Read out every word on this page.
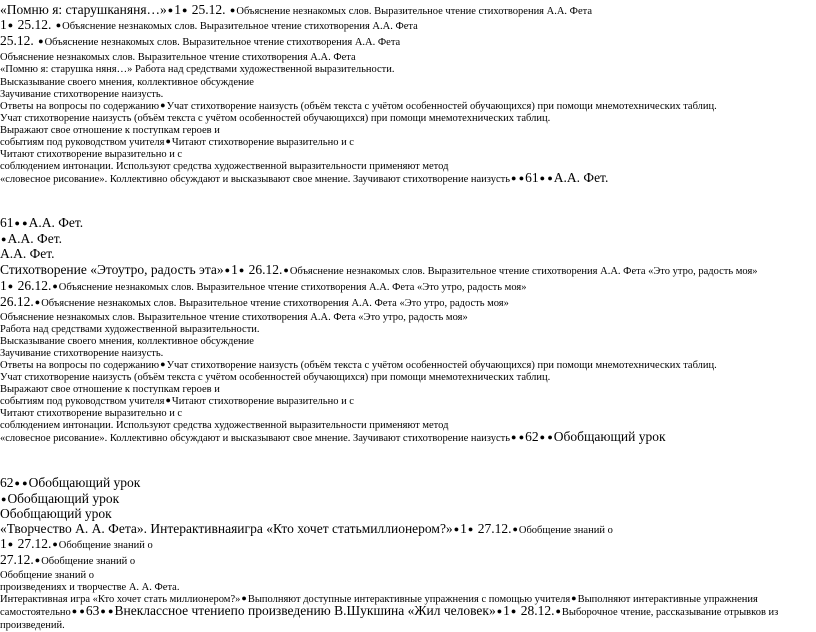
«Помню я: старушканяня…»●1● 25.12. ●Объяснение незнакомых слов. Выразительное чтение стихотворения А.А. Фета
1● 25.12. ●Объяснение незнакомых слов. Выразительное чтение стихотворения А.А. Фета
25.12. ●Объяснение незнакомых слов. Выразительное чтение стихотворения А.А. Фета
Объяснение незнакомых слов. Выразительное чтение стихотворения А.А. Фета
«Помню я: старушка няня…» Работа над средствами художественной выразительности.
Высказывание своего мнения, коллективное обсуждение
Заучивание стихотворение наизусть.
Ответы на вопросы по содержанию●Учат стихотворение наизусть (объём текста с учётом особенностей обучающихся) при помощи мнемотехнических таблиц.
Учат стихотворение наизусть (объём текста с учётом особенностей обучающихся) при помощи мнемотехнических таблиц.
Выражают свое отношение к поступкам героев и
событиям под руководством учителя●Читают стихотворение выразительно и с
Читают стихотворение выразительно и с
соблюдением интонации. Используют средства художественной выразительности применяют метод
«словесное рисование». Коллективно обсуждают и высказывают свое мнение. Заучивают стихотворение наизусть● ●61● ●А.А. Фет.
61● ●А.А. Фет.
●А.А. Фет.
А.А. Фет.
Стихотворение «Этоутро, радость эта»●1● 26.12.●Объяснение незнакомых слов. Выразительное чтение стихотворения А.А. Фета «Это утро, радость моя»
1● 26.12.●Объяснение незнакомых слов. Выразительное чтение стихотворения А.А. Фета «Это утро, радость моя»
26.12.●Объяснение незнакомых слов. Выразительное чтение стихотворения А.А. Фета «Это утро, радость моя»
Объяснение незнакомых слов. Выразительное чтение стихотворения А.А. Фета «Это утро, радость моя»
Работа над средствами художественной выразительности.
Высказывание своего мнения, коллективное обсуждение
Заучивание стихотворение наизусть.
Ответы на вопросы по содержанию●Учат стихотворение наизусть (объём текста с учётом особенностей обучающихся) при помощи мнемотехнических таблиц.
Учат стихотворение наизусть (объём текста с учётом особенностей обучающихся) при помощи мнемотехнических таблиц.
Выражают свое отношение к поступкам героев и
событиям под руководством учителя●Читают стихотворение выразительно и с
Читают стихотворение выразительно и с
соблюдением интонации. Используют средства художественной выразительности применяют метод
«словесное рисование». Коллективно обсуждают и высказывают свое мнение. Заучивают стихотворение наизусть● ●62● ●Обобщающий урок
62● ●Обобщающий урок
●Обобщающий урок
Обобщающий урок
«Творчество А. А. Фета». Интерактивнаяигра «Кто хочет статьмиллионером?»●1● 27.12.●Обобщение знаний о
1● 27.12.●Обобщение знаний о
27.12.●Обобщение знаний о
Обобщение знаний о
произведениях и творчестве А. А. Фета.
Интерактивная игра «Кто хочет стать миллионером?»●Выполняют доступные интерактивные упражнения с помощью учителя●Выполняют интерактивные упражнения
самостоятельно● ●63● ●Внеклассное чтениепо произведению В.Шукшина «Жил человек»●1● 28.12.●Выборочное чтение, рассказывание отрывков из
произведений.
